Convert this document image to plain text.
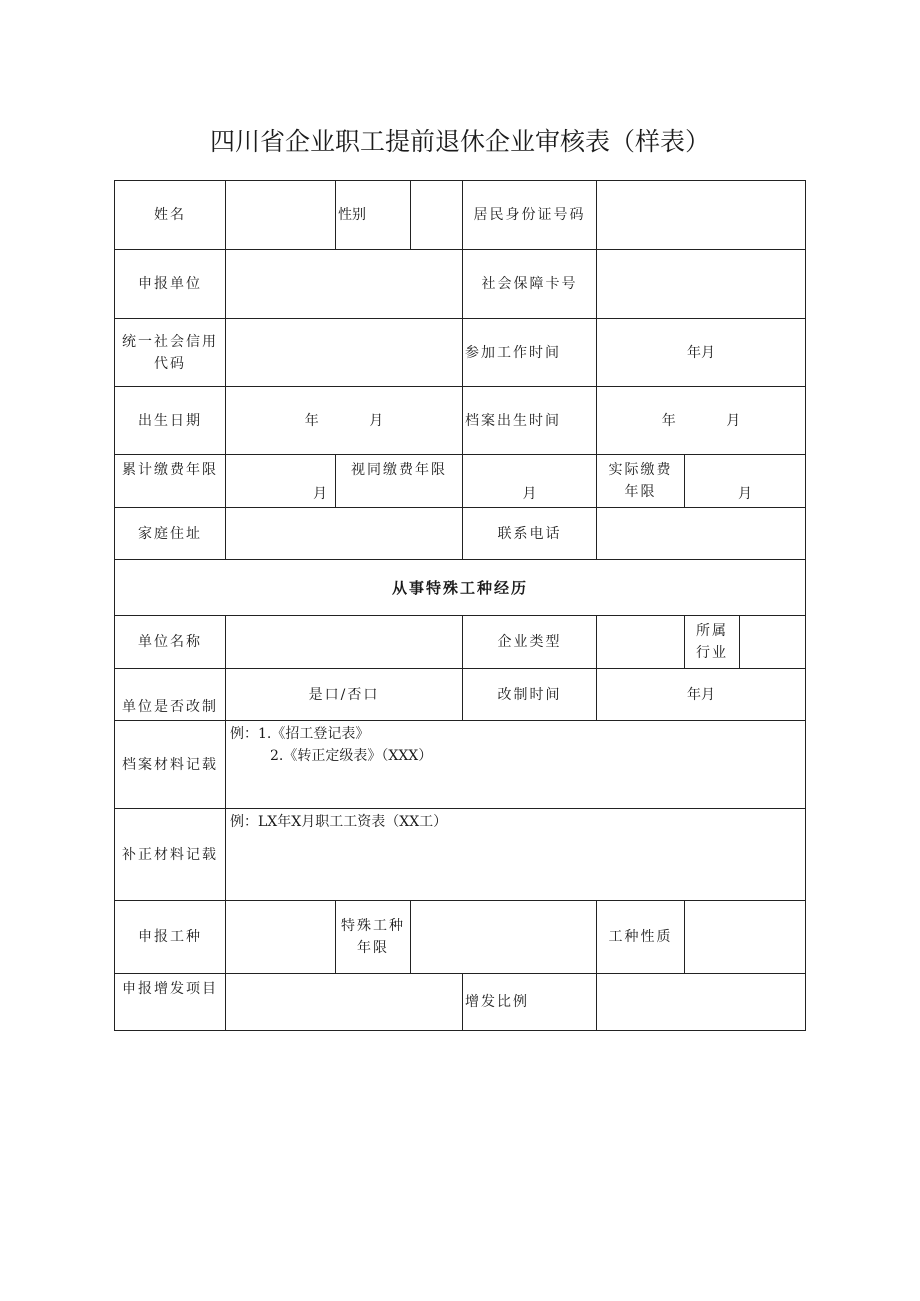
四川省企业职工提前退休企业审核表（样表）
姓名		性别		居民身份证号码			
申报单位				社会保障卡号			
统一社会信用代码				参加工作时间	年月		
出生日期	年 月			档案出生时间	年 月		
累计缴费年限	月	视同缴费年限		月	实际缴费年限	月	
家庭住址				联系电话			
从事特殊工种经历							
单位名称				企业类型		所属行业	
单位是否改制	是口/否口			改制时间	年月		
档案材料记载	例：1.《招工登记表》
2.《转正定级表》（XXX）						

补正材料记载	例：LX年X月职工工资表（XX工）						

申报工种		特殊工种年限			工种性质		
申报增发项目				增发比例			
